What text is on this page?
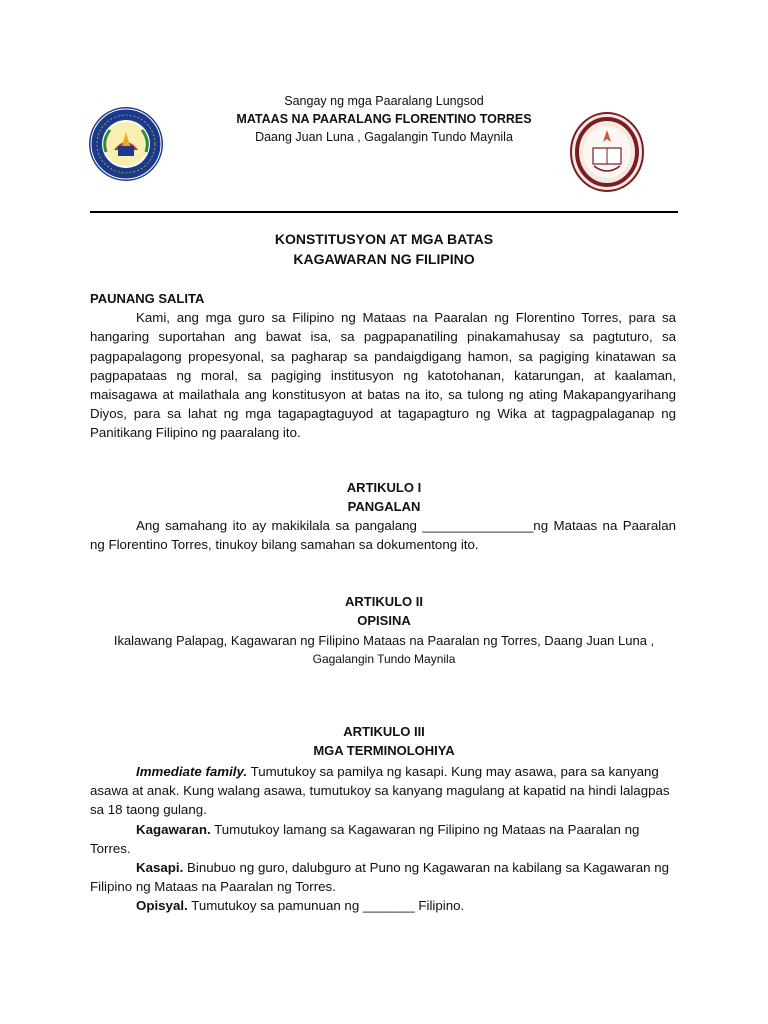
Sangay ng mga Paaralang Lungsod

MATAAS NA PAARALANG FLORENTINO TORRES

Daang Juan Luna , Gagalangin Tundo Maynila

KONSTITUSYON AT MGA BATAS

KAGAWARAN NG FILIPINO

PAUNANG SALITA

Kami, ang mga guro sa Filipino ng Mataas na Paaralan ng Florentino Torres, para sa hangaring suportahan ang bawat isa, sa pagpapanatiling pinakamahusay sa pagtuturo, sa pagpapalagong propesyonal, sa pagharap sa pandaigdigang hamon, sa pagiging kinatawan sa pagpapataas ng moral, sa pagiging institusyon ng katotohanan, katarungan, at kaalaman, maisagawa at mailathala ang konstitusyon at batas na ito, sa tulong ng ating Makapangyarihang Diyos, para sa lahat ng mga tagapagtaguyod at tagapagturo ng Wika at tagpagpalaganap ng Panitikang Filipino ng paaralang ito.

ARTIKULO I

PANGALAN

Ang samahang ito ay makikilala sa pangalang _______________ng Mataas na Paaralan ng Florentino Torres, tinukoy bilang samahan sa dokumentong ito.

ARTIKULO II

OPISINA

Ikalawang Palapag, Kagawaran ng Filipino Mataas na Paaralan ng Torres, Daang Juan Luna ,

Gagalangin Tundo Maynila

ARTIKULO III

MGA TERMINOLOHIYA

Immediate family. Tumutukoy sa pamilya ng kasapi. Kung may asawa, para sa kanyang asawa at anak. Kung walang asawa, tumutukoy sa kanyang magulang at kapatid na hindi lalagpas sa 18 taong gulang.

Kagawaran. Tumutukoy lamang sa Kagawaran ng Filipino ng Mataas na Paaralan ng Torres.

Kasapi. Binubuo ng guro, dalubguro at Puno ng Kagawaran na kabilang sa Kagawaran ng Filipino ng Mataas na Paaralan ng Torres.

Opisyal. Tumutukoy sa pamunuan ng _______ Filipino.
